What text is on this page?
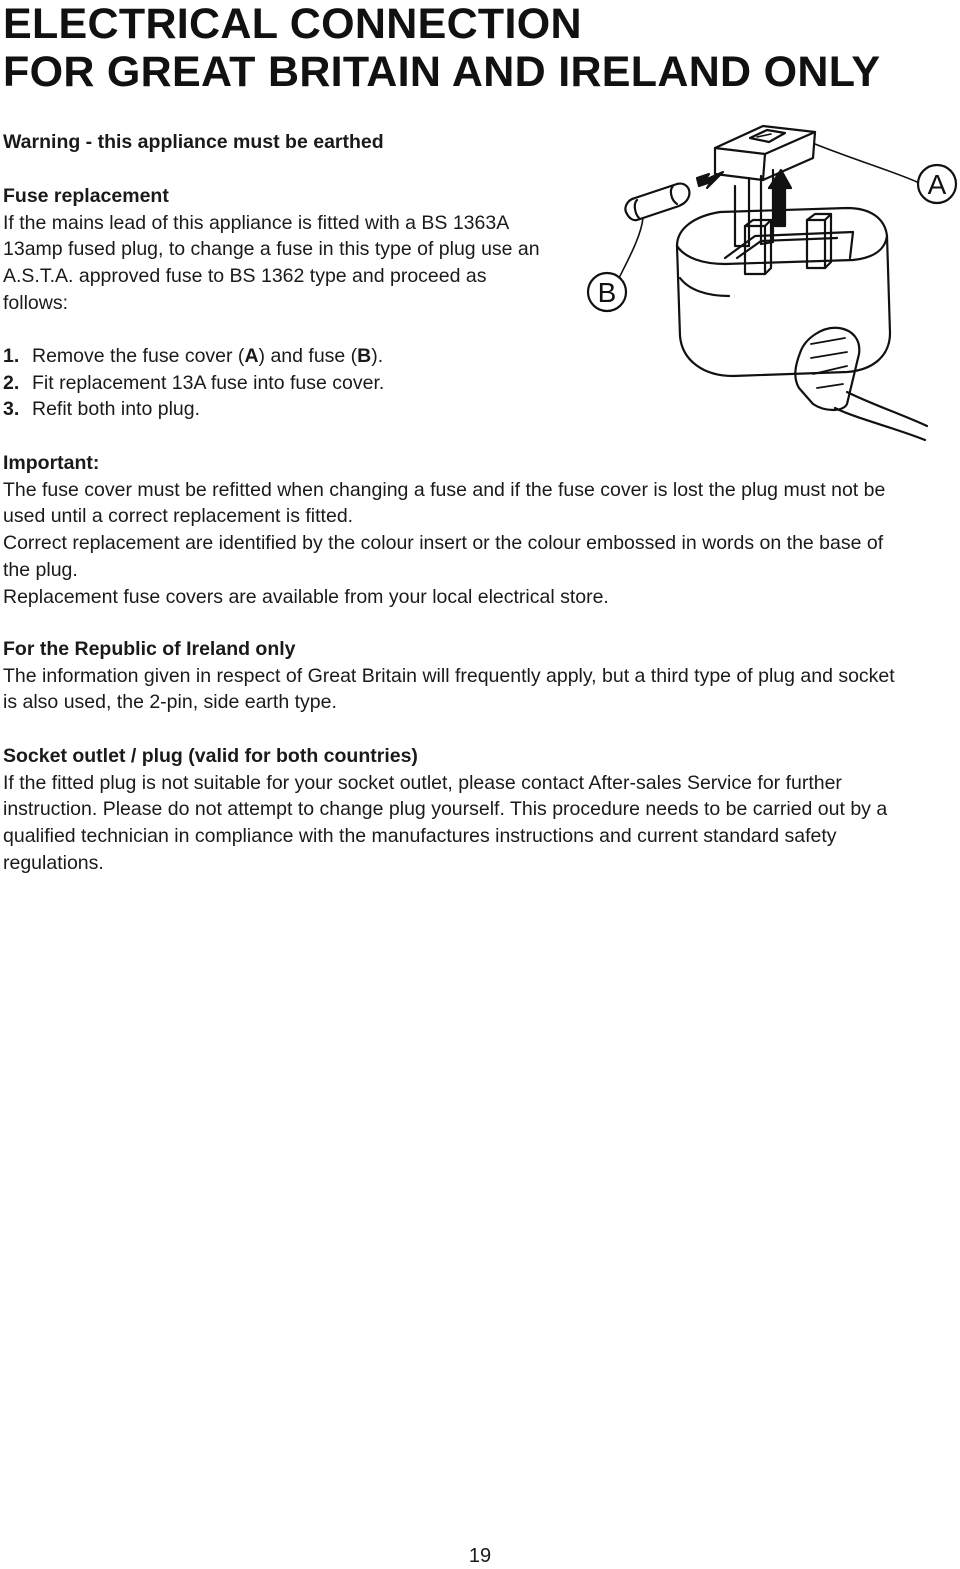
ELECTRICAL CONNECTION
FOR GREAT BRITAIN AND IRELAND ONLY

Warning - this appliance must be earthed

Fuse replacement
If the mains lead of this appliance is fitted with a BS 1363A
13amp fused plug, to change a fuse in this type of plug use an
A.S.T.A. approved fuse to BS 1362 type and proceed as
follows:
1. Remove the fuse cover (A) and fuse (B).
2. Fit replacement 13A fuse into fuse cover.
3. Refit both into plug.
Important:
The fuse cover must be refitted when changing a fuse and if the fuse cover is lost the plug must not be
used until a correct replacement is fitted.
Correct replacement are identified by the colour insert or the colour embossed in words on the base of
the plug.
Replacement fuse covers are available from your local electrical store.
For the Republic of Ireland only
The information given in respect of Great Britain will frequently apply, but a third type of plug and socket
is also used, the 2-pin, side earth type.
Socket outlet / plug (valid for both countries)
If the fitted plug is not suitable for your socket outlet, please contact After-sales Service for further
instruction. Please do not attempt to change plug yourself. This procedure needs to be carried out by a
qualified technician in compliance with the manufactures instructions and current standard safety
regulations.
A
B
19
